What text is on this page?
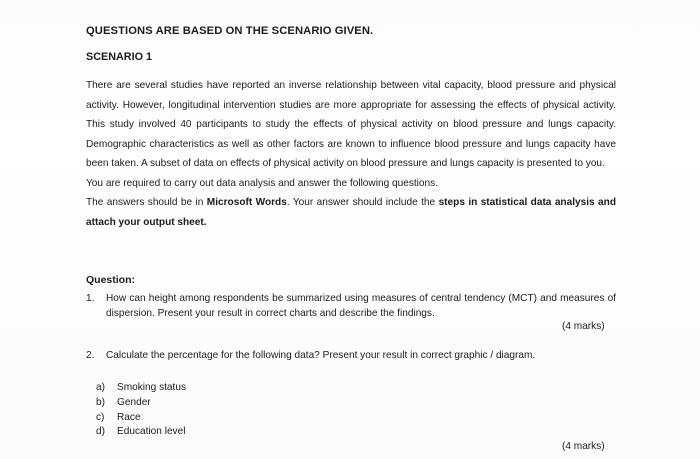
QUESTIONS ARE BASED ON THE SCENARIO GIVEN.
SCENARIO 1

There are several studies have reported an inverse relationship between vital capacity, blood pressure and physical activity. However, longitudinal intervention studies are more appropriate for assessing the effects of physical activity. This study involved 40 participants to study the effects of physical activity on blood pressure and lungs capacity. Demographic characteristics as well as other factors are known to influence blood pressure and lungs capacity have been taken. A subset of data on effects of physical activity on blood pressure and lungs capacity is presented to you.

You are required to carry out data analysis and answer the following questions.

The answers should be in Microsoft Words. Your answer should include the steps in statistical data analysis and attach your output sheet.

Question:
1. How can height among respondents be summarized using measures of central tendency (MCT) and measures of dispersion. Present your result in correct charts and describe the findings.
(4 marks)
2. Calculate the percentage for the following data? Present your result in correct graphic / diagram.
a)	Smoking status
b)	Gender
c)	Race
d)	Education level
(4 marks)
